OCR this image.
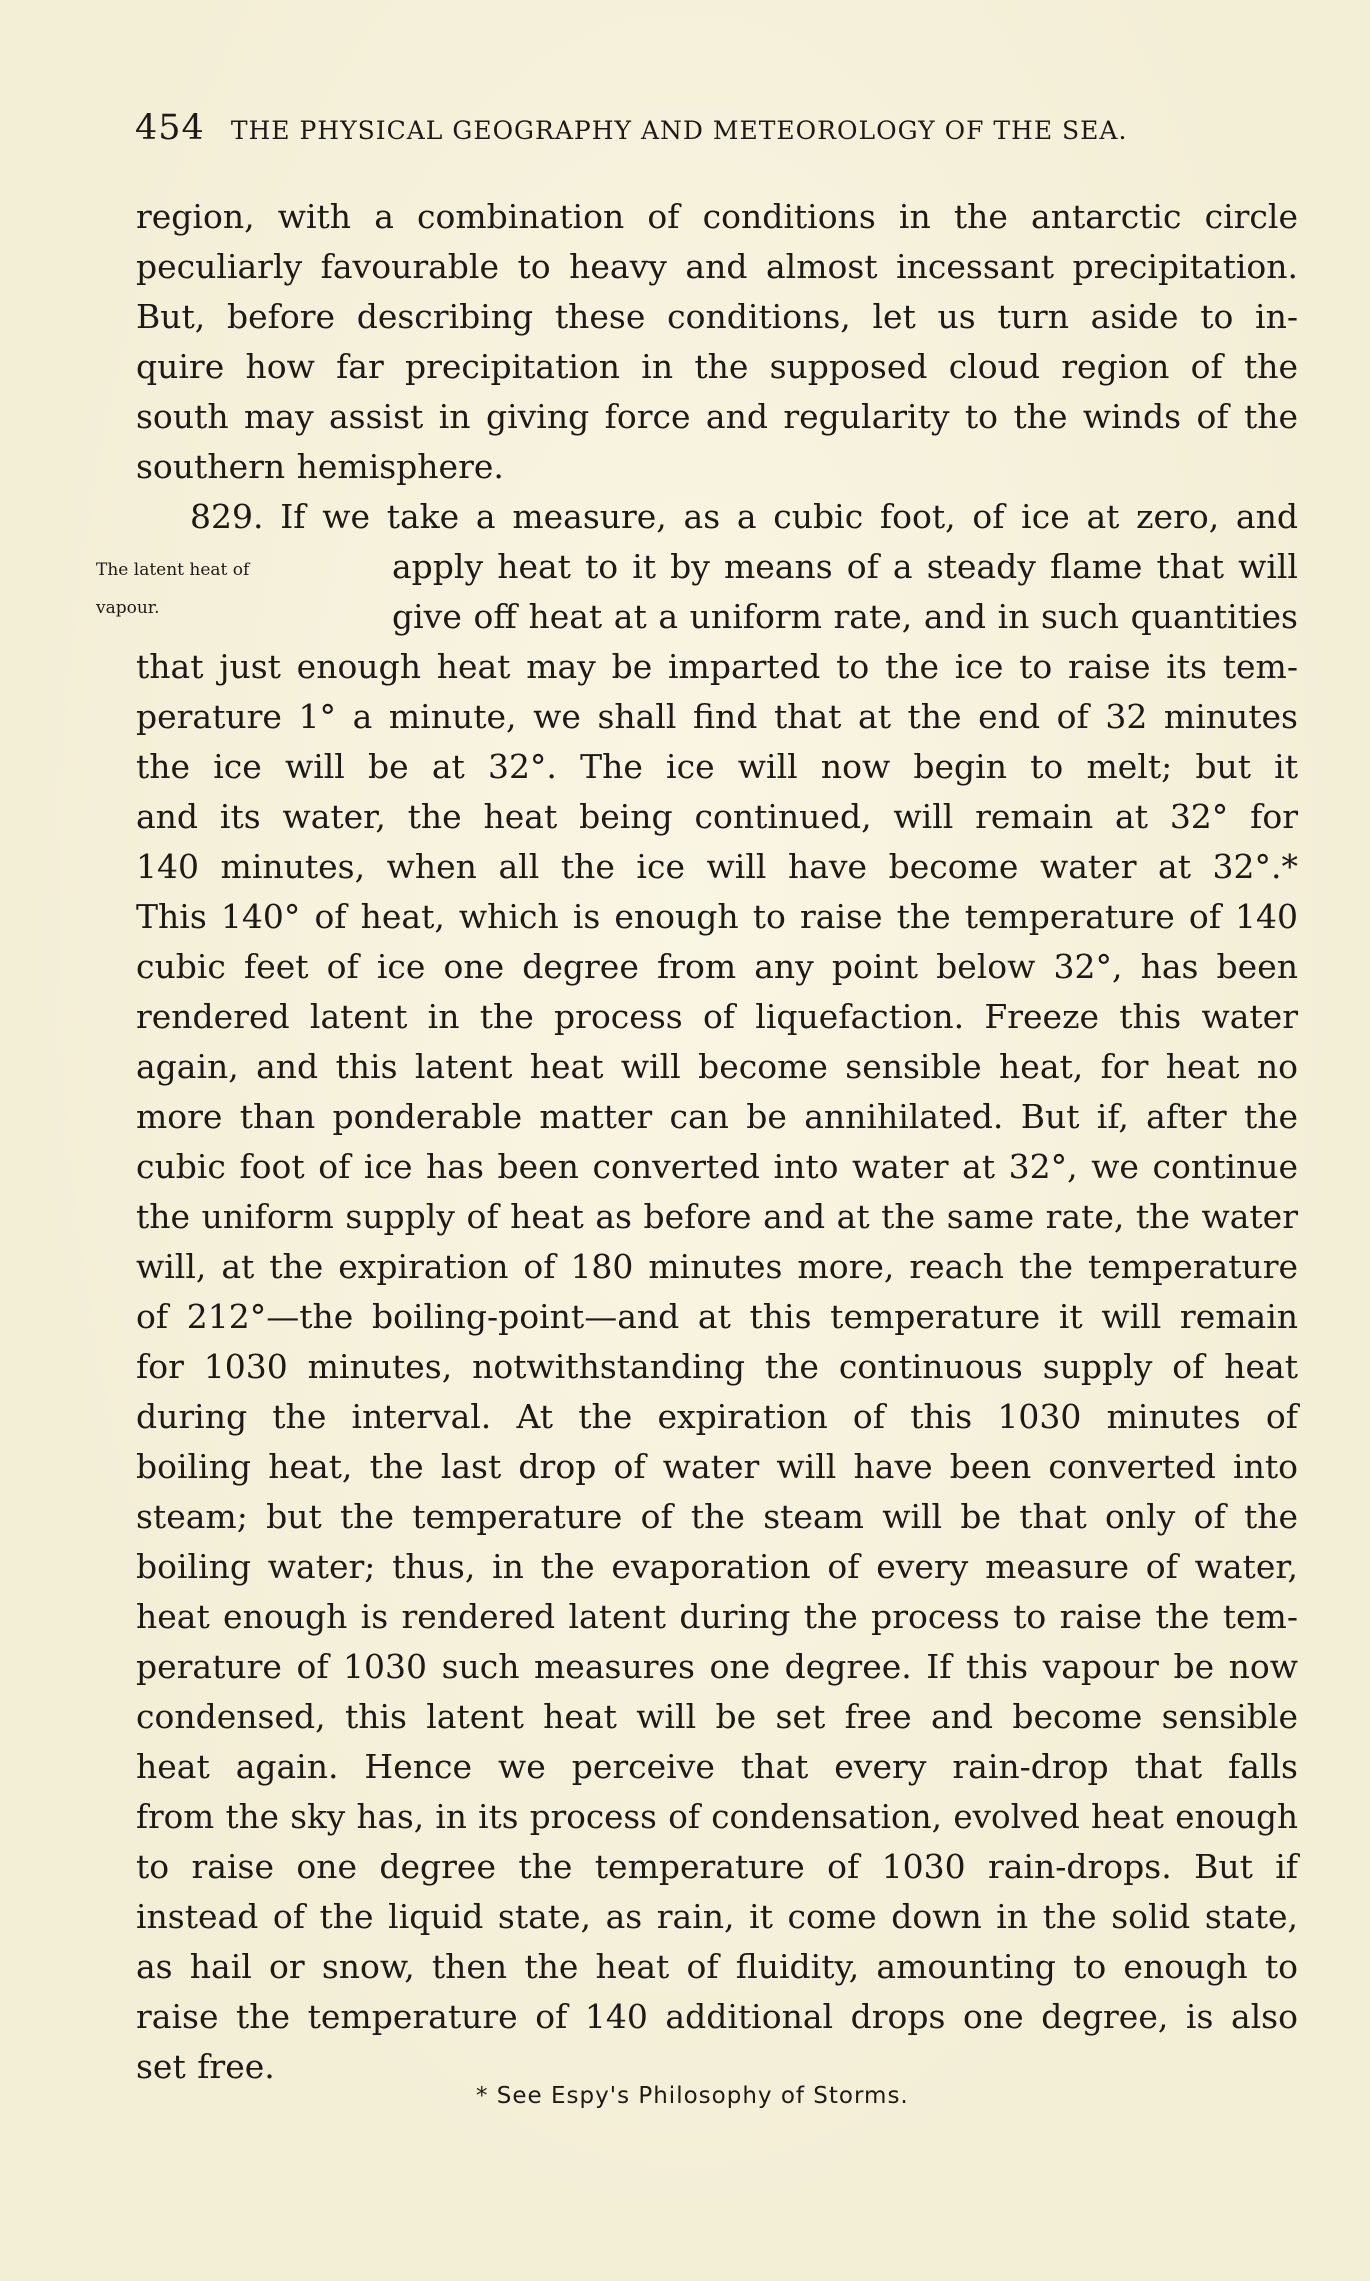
454 THE PHYSICAL GEOGRAPHY AND METEOROLOGY OF THE SEA.
The latent heat of
vapour.
region, with a combination of conditions in the antarctic circle
peculiarly favourable to heavy and almost incessant precipitation.
But, before describing these conditions, let us turn aside to in-
quire how far precipitation in the supposed cloud region of the
south may assist in giving force and regularity to the winds of the
southern hemisphere.
829. If we take a measure, as a cubic foot, of ice at zero, and
apply heat to it by means of a steady flame that will
give off heat at a uniform rate, and in such quantities
that just enough heat may be imparted to the ice to raise its tem-
perature 1° a minute, we shall find that at the end of 32 minutes
the ice will be at 32°. The ice will now begin to melt; but it
and its water, the heat being continued, will remain at 32° for
140 minutes, when all the ice will have become water at 32°.*
This 140° of heat, which is enough to raise the temperature of 140
cubic feet of ice one degree from any point below 32°, has been
rendered latent in the process of liquefaction. Freeze this water
again, and this latent heat will become sensible heat, for heat no
more than ponderable matter can be annihilated. But if, after the
cubic foot of ice has been converted into water at 32°, we continue
the uniform supply of heat as before and at the same rate, the water
will, at the expiration of 180 minutes more, reach the temperature
of 212°—the boiling-point—and at this temperature it will remain
for 1030 minutes, notwithstanding the continuous supply of heat
during the interval. At the expiration of this 1030 minutes of
boiling heat, the last drop of water will have been converted into
steam; but the temperature of the steam will be that only of the
boiling water; thus, in the evaporation of every measure of water,
heat enough is rendered latent during the process to raise the tem-
perature of 1030 such measures one degree. If this vapour be now
condensed, this latent heat will be set free and become sensible
heat again. Hence we perceive that every rain-drop that falls
from the sky has, in its process of condensation, evolved heat enough
to raise one degree the temperature of 1030 rain-drops. But if
instead of the liquid state, as rain, it come down in the solid state,
as hail or snow, then the heat of fluidity, amounting to enough to
raise the temperature of 140 additional drops one degree, is also
set free.
* See Espy's Philosophy of Storms.
